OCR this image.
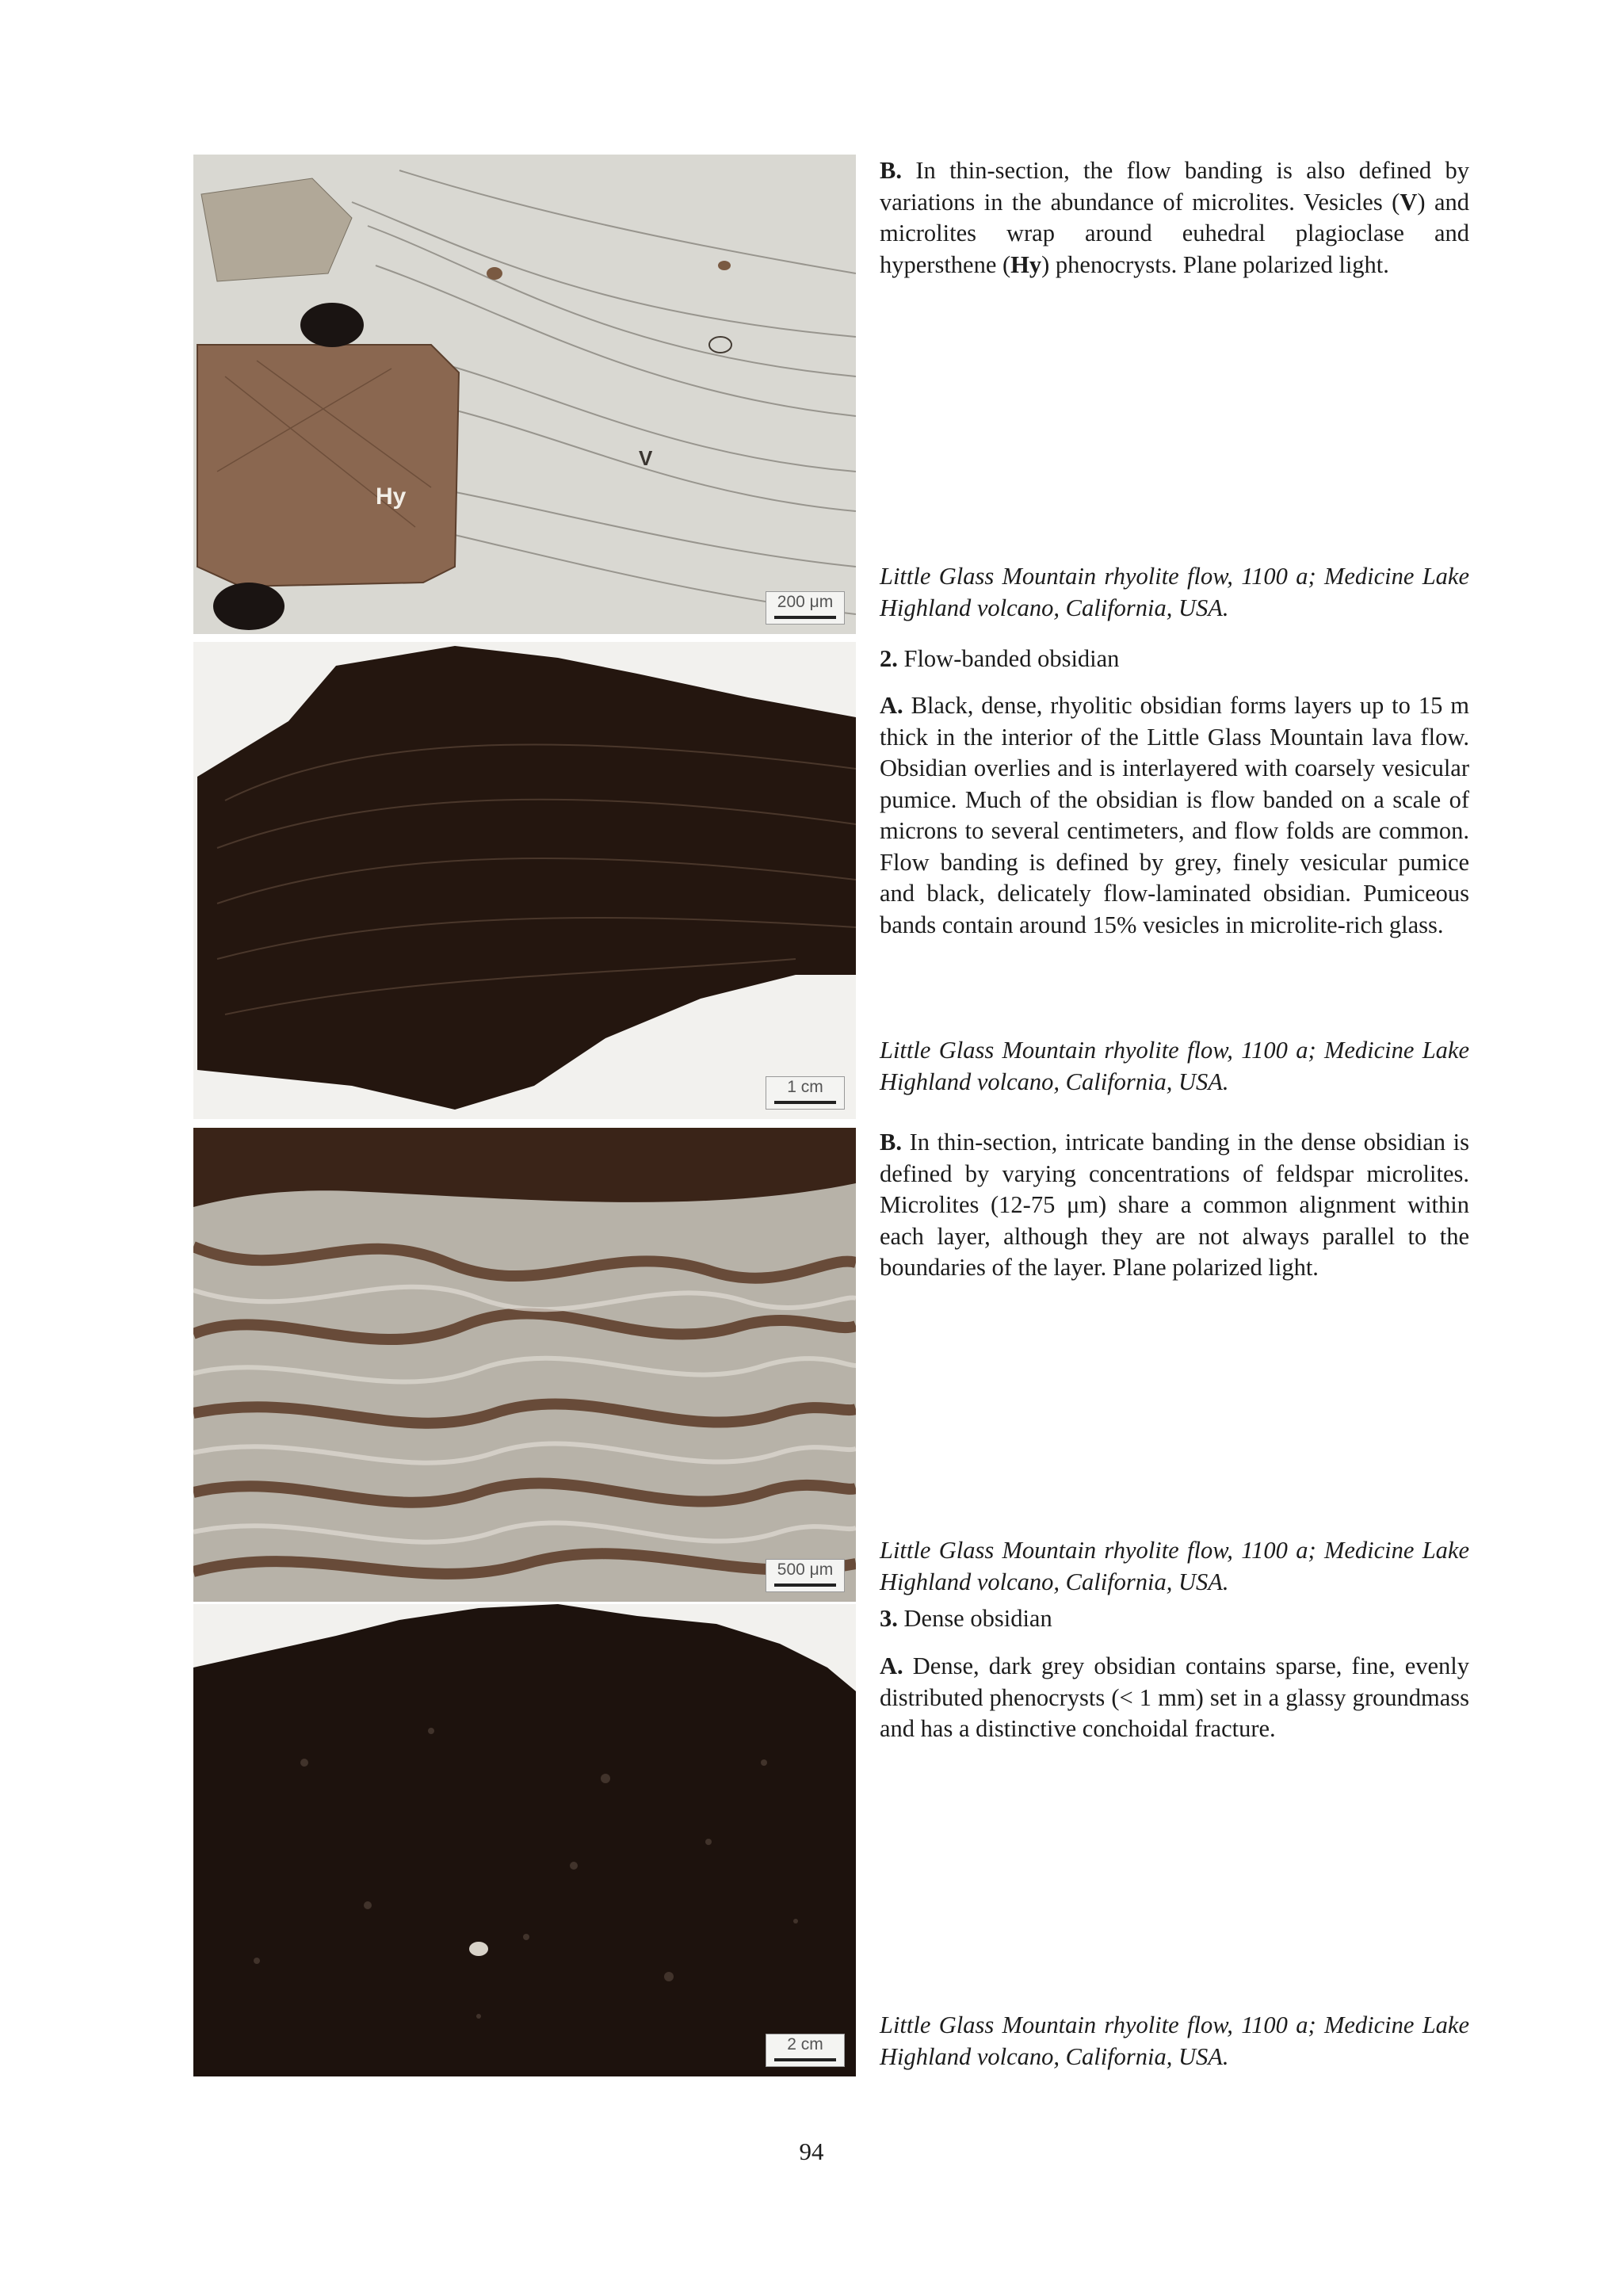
Hy
V
200 μm
1 cm
500 μm
2 cm

B. In thin-section, the flow banding is also defined by variations in the abundance of microlites. Vesicles (V) and microlites wrap around euhedral plagioclase and hypersthene (Hy) phenocrysts. Plane polarized light.

Little Glass Mountain rhyolite flow, 1100 a; Medicine Lake Highland volcano, California, USA.

2. Flow-banded obsidian

A. Black, dense, rhyolitic obsidian forms layers up to 15 m thick in the interior of the Little Glass Mountain lava flow. Obsidian overlies and is interlayered with coarsely vesicular pumice. Much of the obsidian is flow banded on a scale of microns to several centimeters, and flow folds are common. Flow banding is defined by grey, finely vesicular pumice and black, delicately flow-laminated obsidian. Pumiceous bands contain around 15% vesicles in microlite-rich glass.

Little Glass Mountain rhyolite flow, 1100 a; Medicine Lake Highland volcano, California, USA.

B. In thin-section, intricate banding in the dense obsidian is defined by varying concentrations of feldspar microlites. Microlites (12-75 μm) share a common alignment within each layer, although they are not always parallel to the boundaries of the layer. Plane polarized light.

Little Glass Mountain rhyolite flow, 1100 a; Medicine Lake Highland volcano, California, USA.

3. Dense obsidian

A. Dense, dark grey obsidian contains sparse, fine, evenly distributed phenocrysts (< 1 mm) set in a glassy groundmass and has a distinctive conchoidal fracture.

Little Glass Mountain rhyolite flow, 1100 a; Medicine Lake Highland volcano, California, USA.

94
